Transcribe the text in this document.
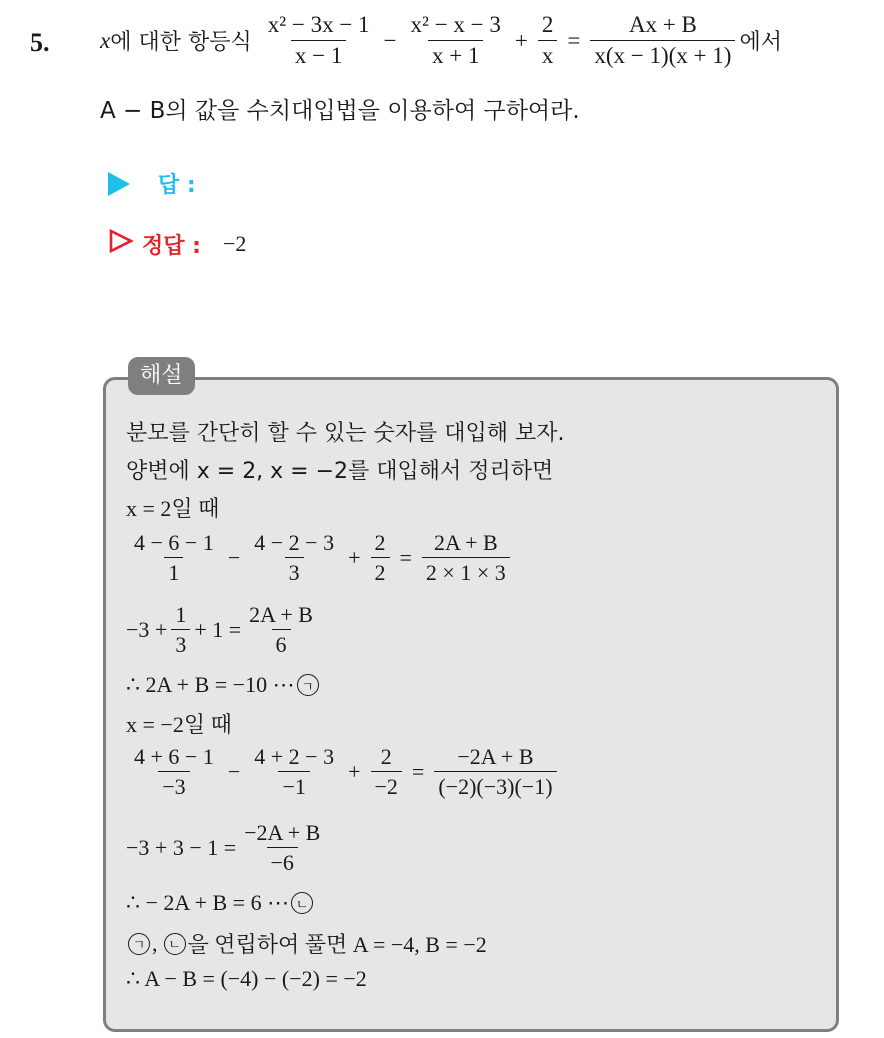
5. x 에 대한 항등식 $\frac{\text{x² − 3x − 1}}{x - 1} - \frac{\text{x² − x − 3}}{x + 1} + \frac{2}{x} = \frac{Ax + B}{x(x - 1)(x + 1)}$ 에서
A − B의 값을 수치대입법을 이용하여 구하여라.
답 :
정답 : −2
해설
분모를 간단히 할 수 있는 숫자를 대입해 보자.
양변에 x = 2, x = −2를 대입해서 정리하면
x = 2일 때
$\frac{4 - 6 - 1}{1} - \frac{4 - 2 - 3}{3} + \frac{2}{2} = \frac{2A + B}{2 \times 1 \times 3}$
$-3 + \frac{1}{3} + 1 = \frac{2A + B}{6}$
∴ 2A + B = −10 ⋯ ㄱ
x = −2일 때
$\frac{4 + 6 - 1}{-3} - \frac{4 + 2 - 3}{-1} + \frac{2}{-2} = \frac{-2A + B}{(-2)(-3)(-1)}$
$-3 + 3 - 1 = \frac{-2A + B}{-6}$
∴ − 2A + B = 6 ⋯ ㄴ
ㄱ , ㄴ 을 연립하여 풀면 A = −4, B = −2
∴ A − B = (−4) − (−2) = −2
